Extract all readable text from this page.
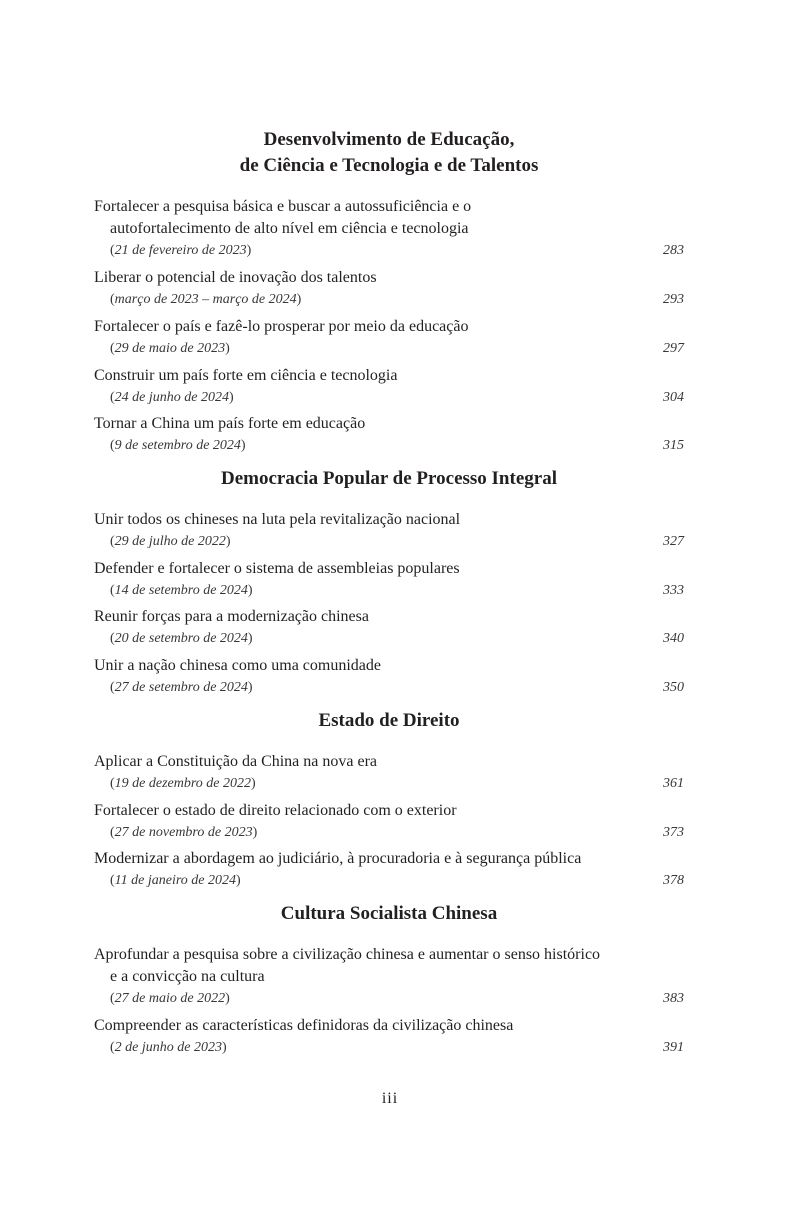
Desenvolvimento de Educação,
de Ciência e Tecnologia e de Talentos

Fortalecer a pesquisa básica e buscar a autossuficiência e o autofortalecimento de alto nível em ciência e tecnologia

(21 de fevereiro de 2023)	283

Liberar o potencial de inovação dos talentos

(março de 2023 – março de 2024)	293

Fortalecer o país e fazê-lo prosperar por meio da educação

(29 de maio de 2023)	297

Construir um país forte em ciência e tecnologia

(24 de junho de 2024)	304

Tornar a China um país forte em educação

(9 de setembro de 2024)	315
Democracia Popular de Processo Integral

Unir todos os chineses na luta pela revitalização nacional

(29 de julho de 2022)	327

Defender e fortalecer o sistema de assembleias populares

(14 de setembro de 2024)	333

Reunir forças para a modernização chinesa

(20 de setembro de 2024)	340

Unir a nação chinesa como uma comunidade

(27 de setembro de 2024)	350
Estado de Direito

Aplicar a Constituição da China na nova era

(19 de dezembro de 2022)	361

Fortalecer o estado de direito relacionado com o exterior

(27 de novembro de 2023)	373

Modernizar a abordagem ao judiciário, à procuradoria e à segurança pública

(11 de janeiro de 2024)	378
Cultura Socialista Chinesa

Aprofundar a pesquisa sobre a civilização chinesa e aumentar o senso histórico e a convicção na cultura

(27 de maio de 2022)	383

Compreender as características definidoras da civilização chinesa

(2 de junho de 2023)	391
iii
